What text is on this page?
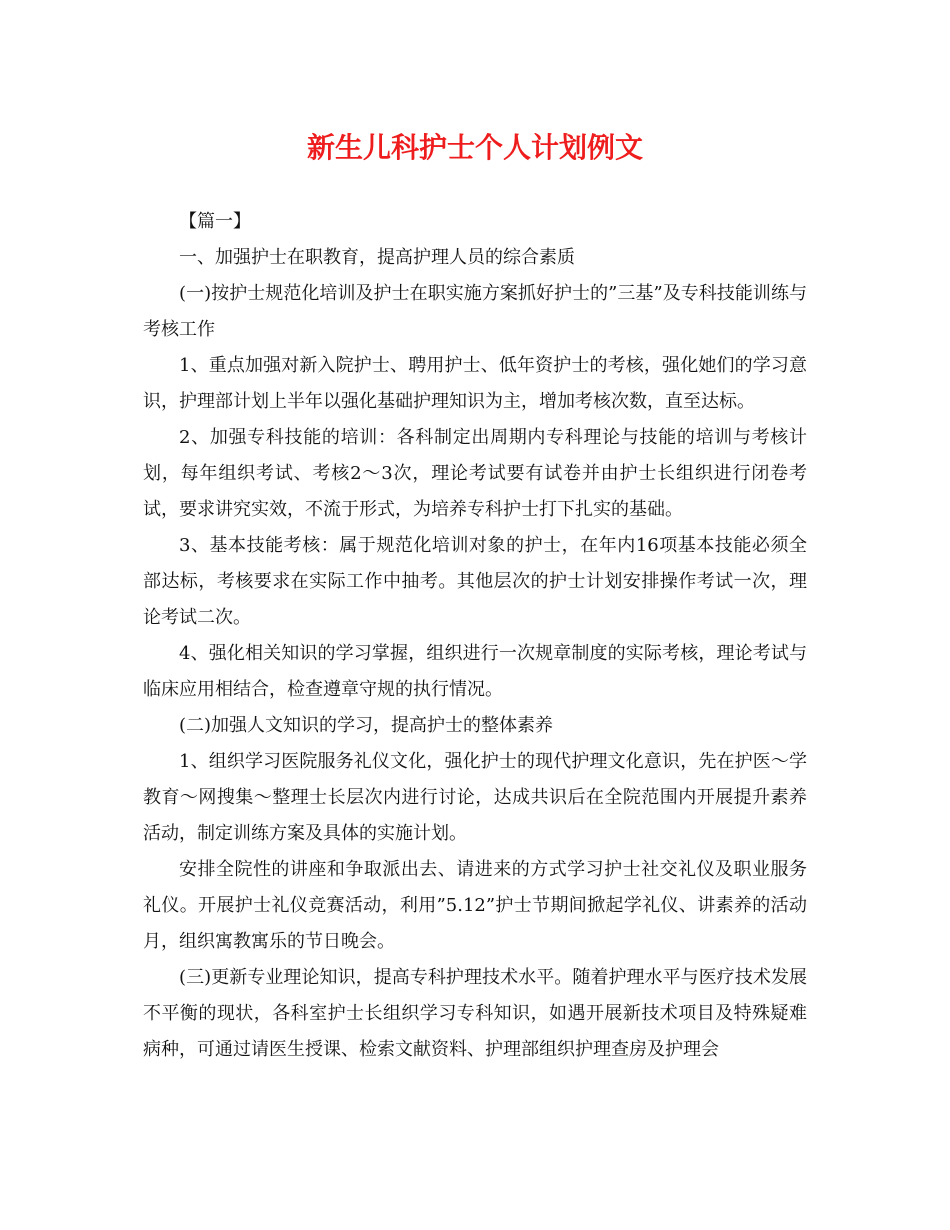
新生儿科护士个人计划例文

【篇一】

一、加强护士在职教育，提高护理人员的综合素质

(一)按护士规范化培训及护士在职实施方案抓好护士的”三基”及专科技能训练与考核工作

1、重点加强对新入院护士、聘用护士、低年资护士的考核，强化她们的学习意识，护理部计划上半年以强化基础护理知识为主，增加考核次数，直至达标。

2、加强专科技能的培训：各科制定出周期内专科理论与技能的培训与考核计划，每年组织考试、考核2～3次，理论考试要有试卷并由护士长组织进行闭卷考试，要求讲究实效，不流于形式，为培养专科护士打下扎实的基础。

3、基本技能考核：属于规范化培训对象的护士，在年内16项基本技能必须全部达标，考核要求在实际工作中抽考。其他层次的护士计划安排操作考试一次，理论考试二次。

4、强化相关知识的学习掌握，组织进行一次规章制度的实际考核，理论考试与临床应用相结合，检查遵章守规的执行情况。

(二)加强人文知识的学习，提高护士的整体素养

1、组织学习医院服务礼仪文化，强化护士的现代护理文化意识，先在护医～学教育～网搜集～整理士长层次内进行讨论，达成共识后在全院范围内开展提升素养活动，制定训练方案及具体的实施计划。

安排全院性的讲座和争取派出去、请进来的方式学习护士社交礼仪及职业服务礼仪。开展护士礼仪竞赛活动，利用”5.12”护士节期间掀起学礼仪、讲素养的活动月，组织寓教寓乐的节日晚会。

(三)更新专业理论知识，提高专科护理技术水平。随着护理水平与医疗技术发展不平衡的现状，各科室护士长组织学习专科知识，如遇开展新技术项目及特殊疑难病种，可通过请医生授课、检索文献资料、护理部组织护理查房及护理会
